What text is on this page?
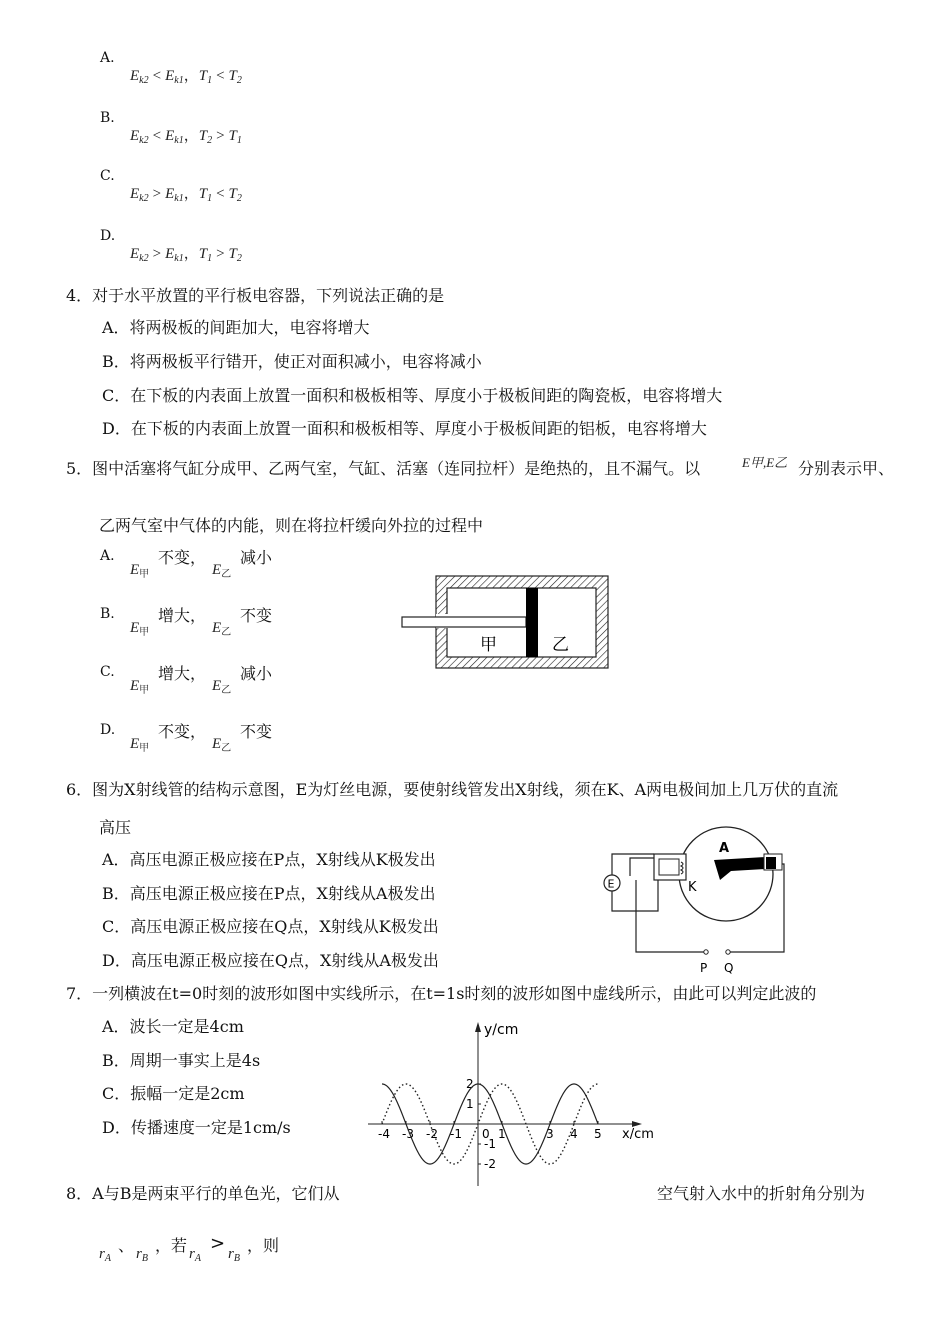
A.
$E_{k2} < E_{k1}$，$T_1 < T_2$
B.
$E_{k2} < E_{k1}$，$T_2 > T_1$
C.
$E_{k2} > E_{k1}$，$T_1 < T_2$
D.
$E_{k2} > E_{k1}$，$T_1 > T_2$
4．对于水平放置的平行板电容器，下列说法正确的是
A．将两极板的间距加大，电容将增大
B．将两极板平行错开，使正对面积减小，电容将减小
C．在下板的内表面上放置一面积和极板相等、厚度小于极板间距的陶瓷板，电容将增大
D．在下板的内表面上放置一面积和极板相等、厚度小于极板间距的铝板，电容将增大
5．图中活塞将气缸分成甲、乙两气室，气缸、活塞（连同拉杆）是绝热的，且不漏气。以	E甲,E乙 分别表示甲、
乙两气室中气体的内能，则在将拉杆缓向外拉的过程中
A.
$E_甲$
不变，
$E_乙$
减小
B.
$E_甲$
增大，
$E_乙$
不变
C.
$E_甲$
增大，
$E_乙$
减小
D.
$E_甲$
不变，
$E_乙$
不变
甲	乙
6．图为X射线管的结构示意图，E为灯丝电源，要使射线管发出X射线，须在K、A两电极间加上几万伏的直流
高压
A．高压电源正极应接在P点，X射线从K极发出
B．高压电源正极应接在P点，X射线从A极发出
C．高压电源正极应接在Q点，X射线从K极发出
D．高压电源正极应接在Q点，X射线从A极发出
A
K
E
P Q
7．一列横波在t=0时刻的波形如图中实线所示，在t=1s时刻的波形如图中虚线所示，由此可以判定此波的
A．波长一定是4cm
B．周期一事实上是4s
C．振幅一定是2cm
D．传播速度一定是1cm/s	x/cm
y/cm
-4 -3 -2 -1 0 1	3 4 5
2
1
-1
-2
8．A与B是两束平行的单色光，它们从	空气射入水中的折射角分别为
$r_A$
、 $r_B$
，若 $r_A$
> $r_B$
，则
